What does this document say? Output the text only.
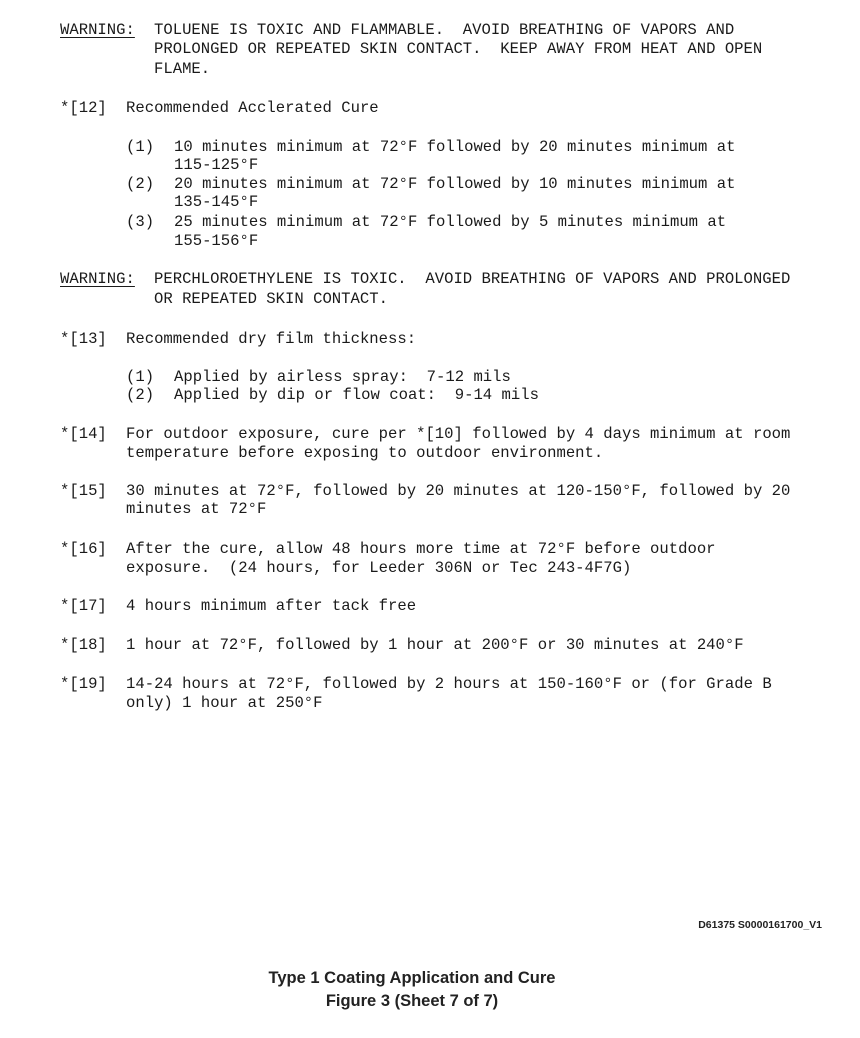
WARNING:

TOLUENE IS TOXIC AND FLAMMABLE.  AVOID BREATHING OF VAPORS AND

PROLONGED OR REPEATED SKIN CONTACT.  KEEP AWAY FROM HEAT AND OPEN

FLAME.

*[12]

Recommended Acclerated Cure

(1)

10 minutes minimum at 72°F followed by 20 minutes minimum at

115-125°F

(2)

20 minutes minimum at 72°F followed by 10 minutes minimum at

135-145°F

(3)

25 minutes minimum at 72°F followed by 5 minutes minimum at

155-156°F

WARNING:

PERCHLOROETHYLENE IS TOXIC.  AVOID BREATHING OF VAPORS AND PROLONGED

OR REPEATED SKIN CONTACT.

*[13]

Recommended dry film thickness:

(1)

Applied by airless spray:  7-12 mils

(2)

Applied by dip or flow coat:  9-14 mils

*[14]

For outdoor exposure, cure per *[10] followed by 4 days minimum at room

temperature before exposing to outdoor environment.

*[15]

30 minutes at 72°F, followed by 20 minutes at 120-150°F, followed by 20

minutes at 72°F

*[16]

After the cure, allow 48 hours more time at 72°F before outdoor

exposure.  (24 hours, for Leeder 306N or Tec 243-4F7G)

*[17]

4 hours minimum after tack free

*[18]

1 hour at 72°F, followed by 1 hour at 200°F or 30 minutes at 240°F

*[19]

14-24 hours at 72°F, followed by 2 hours at 150-160°F or (for Grade B

only) 1 hour at 250°F

D61375 S0000161700_V1
Type 1 Coating Application and Cure
Figure 3 (Sheet 7 of 7)
